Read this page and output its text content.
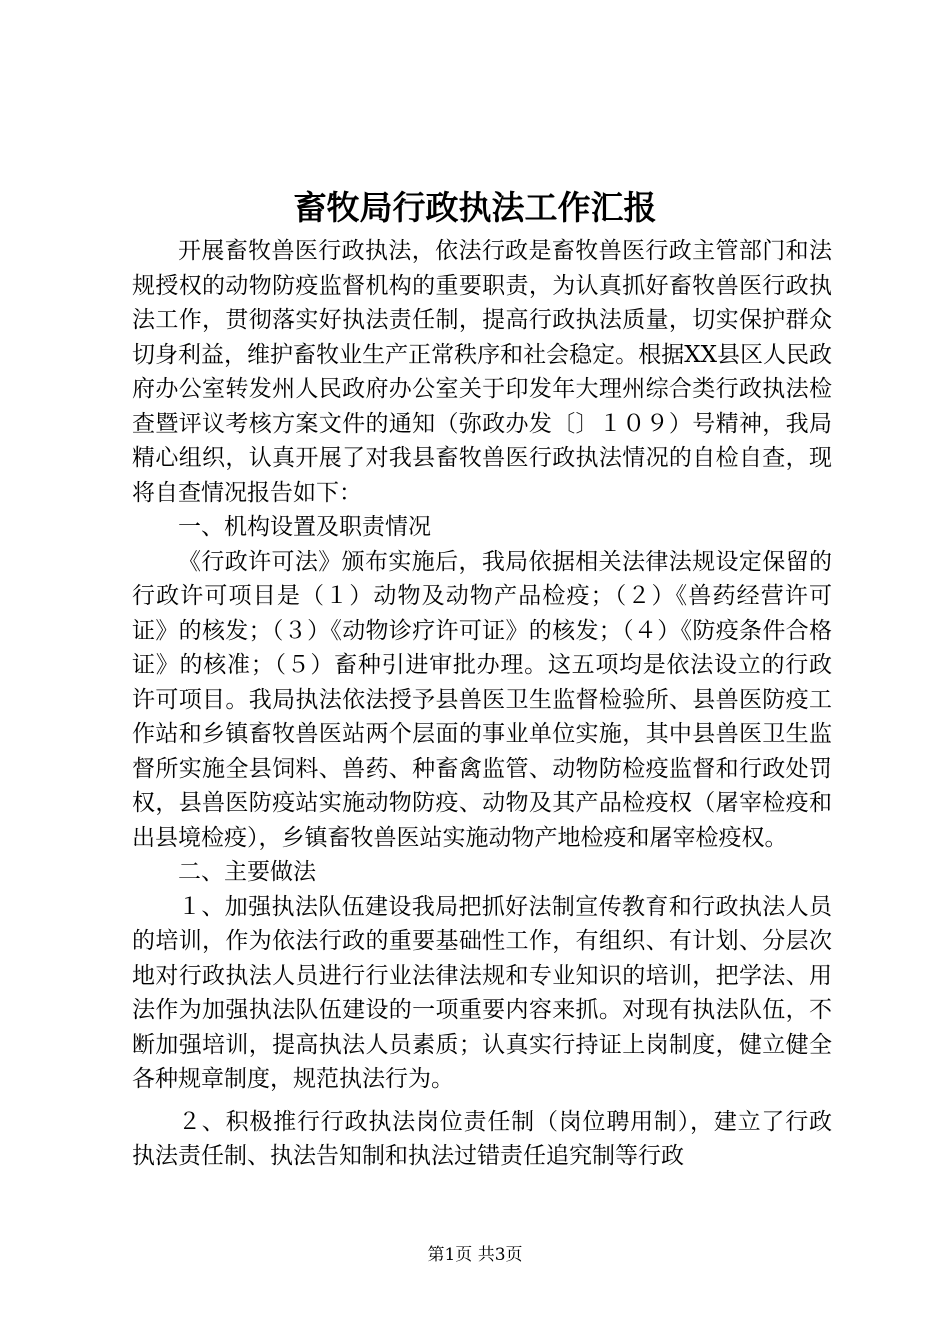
畜牧局行政执法工作汇报

开展畜牧兽医行政执法，依法行政是畜牧兽医行政主管部门和法规授权的动物防疫监督机构的重要职责，为认真抓好畜牧兽医行政执法工作，贯彻落实好执法责任制，提高行政执法质量，切实保护群众切身利益，维护畜牧业生产正常秩序和社会稳定。根据XX县区人民政府办公室转发州人民政府办公室关于印发年大理州综合类行政执法检查暨评议考核方案文件的通知（弥政办发〔〕１０９）号精神，我局精心组织，认真开展了对我县畜牧兽医行政执法情况的自检自查，现将自查情况报告如下：

一、机构设置及职责情况

《行政许可法》颁布实施后，我局依据相关法律法规设定保留的行政许可项目是（１）动物及动物产品检疫；（２）《兽药经营许可证》的核发；（３）《动物诊疗许可证》的核发；（４）《防疫条件合格证》的核准；（５）畜种引进审批办理。这五项均是依法设立的行政许可项目。我局执法依法授予县兽医卫生监督检验所、县兽医防疫工作站和乡镇畜牧兽医站两个层面的事业单位实施，其中县兽医卫生监督所实施全县饲料、兽药、种畜禽监管、动物防检疫监督和行政处罚权，县兽医防疫站实施动物防疫、动物及其产品检疫权（屠宰检疫和出县境检疫），乡镇畜牧兽医站实施动物产地检疫和屠宰检疫权。

二、主要做法

１、加强执法队伍建设我局把抓好法制宣传教育和行政执法人员的培训，作为依法行政的重要基础性工作，有组织、有计划、分层次地对行政执法人员进行行业法律法规和专业知识的培训，把学法、用法作为加强执法队伍建设的一项重要内容来抓。对现有执法队伍，不断加强培训，提高执法人员素质；认真实行持证上岗制度，健立健全各种规章制度，规范执法行为。

２、积极推行行政执法岗位责任制（岗位聘用制），建立了行政执法责任制、执法告知制和执法过错责任追究制等行政

第1页 共3页
